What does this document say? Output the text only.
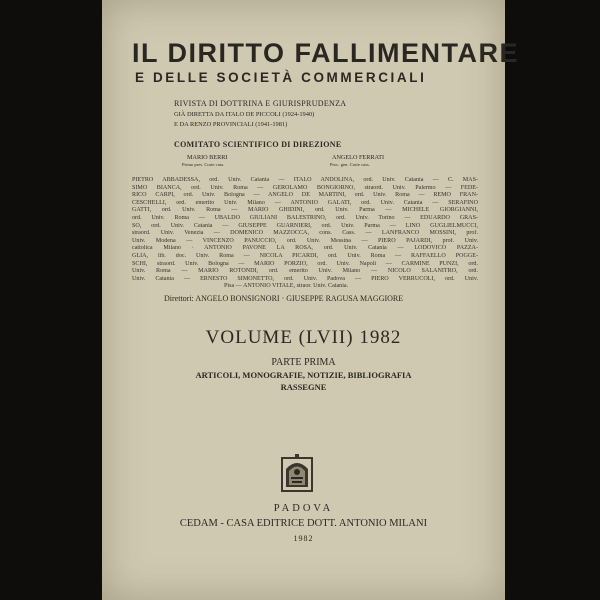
IL DIRITTO FALLIMENTARE
E DELLE SOCIETÀ COMMERCIALI
RIVISTA DI DOTTRINA E GIURISPRUDENZA
GIÀ DIRETTA DA ITALO DE PICCOLI (1924-1940)
E DA RENZO PROVINCIALI (1941-1981)
COMITATO SCIENTIFICO DI DIREZIONE
MARIO BERRI
Primo pres. Corte cass.
ANGELO FERRATI
Proc. gen. Corte cass.
PIETRO ABBADESSA, ord. Univ. Catania — ITALO ANDOLINA, ord. Univ. Catania — C. MAS-
SIMO BIANCA, ord. Univ. Roma — GEROLAMO BONGIORNO, straord. Univ. Palermo — FEDE-
RICO CARPI, ord. Univ. Bologna — ANGELO DE MARTINI, ord. Univ. Roma — REMO FRAN-
CESCHELLI, ord. emerito Univ. Milano — ANTONIO GALATI, ord. Univ. Catania — SERAFINO
GATTI, ord. Univ. Roma — MARIO GHIDINI, ord. Univ. Parma — MICHELE GIORGIANNI,
ord. Univ. Roma — UBALDO GIULIANI BALESTRINO, ord. Univ. Torino — EDUARDO GRAS-
SO, ord. Univ. Catania — GIUSEPPE GUARNIERI, ord. Univ. Parma — LINO GUGLIELMUCCI,
straord. Univ. Venezia — DOMENICO MAZZOCCA, cons. Cass. — LANFRANCO MOSSINI, prof.
Univ. Modena — VINCENZO PANUCCIO, ord. Univ. Messina — PIERO PAJARDI, prof. Univ.
cattolica Milano · ANTONIO PAVONE LA ROSA, ord. Univ. Catania — LODOVICO PAZZA-
GLIA, lib. doc. Univ. Roma — NICOLA PICARDI, ord. Univ. Roma — RAFFAELLO POGGE-
SCHI, straord. Univ. Bologna — MARIO PORZIO, ord. Univ. Napoli — CARMINE PUNZI, ord.
Univ. Roma — MARIO ROTONDI, ord. emerito Univ. Milano — NICOLÒ SALANITRO, ord.
Univ. Catania — ERNESTO SIMONETTO, ord. Univ. Padova — PIERO VERRUCOLI, ord. Univ.
Pisa — ANTONIO VITALE, straor. Univ. Catania.
Direttori: ANGELO BONSIGNORI · GIUSEPPE RAGUSA MAGGIORE
VOLUME (LVII) 1982
PARTE PRIMA
ARTICOLI, MONOGRAFIE, NOTIZIE, BIBLIOGRAFIA
RASSEGNE
PADOVA
CEDAM - CASA EDITRICE DOTT. ANTONIO MILANI
1982
